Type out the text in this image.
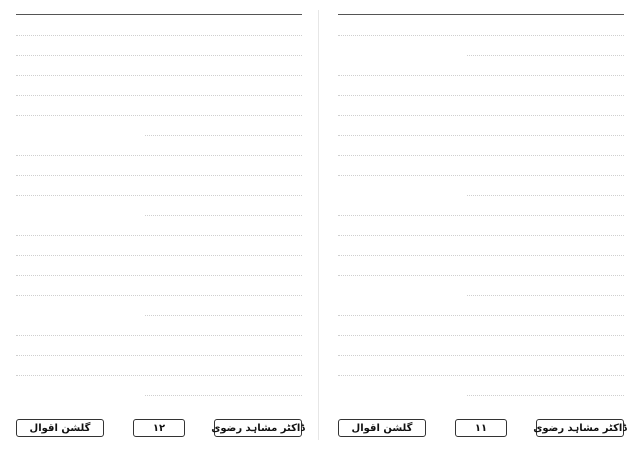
گلشن اقوال	۱۲	ڈاکٹر مشاہد رضوی	گلشن اقوال	۱۱	ڈاکٹر مشاہد رضوی
